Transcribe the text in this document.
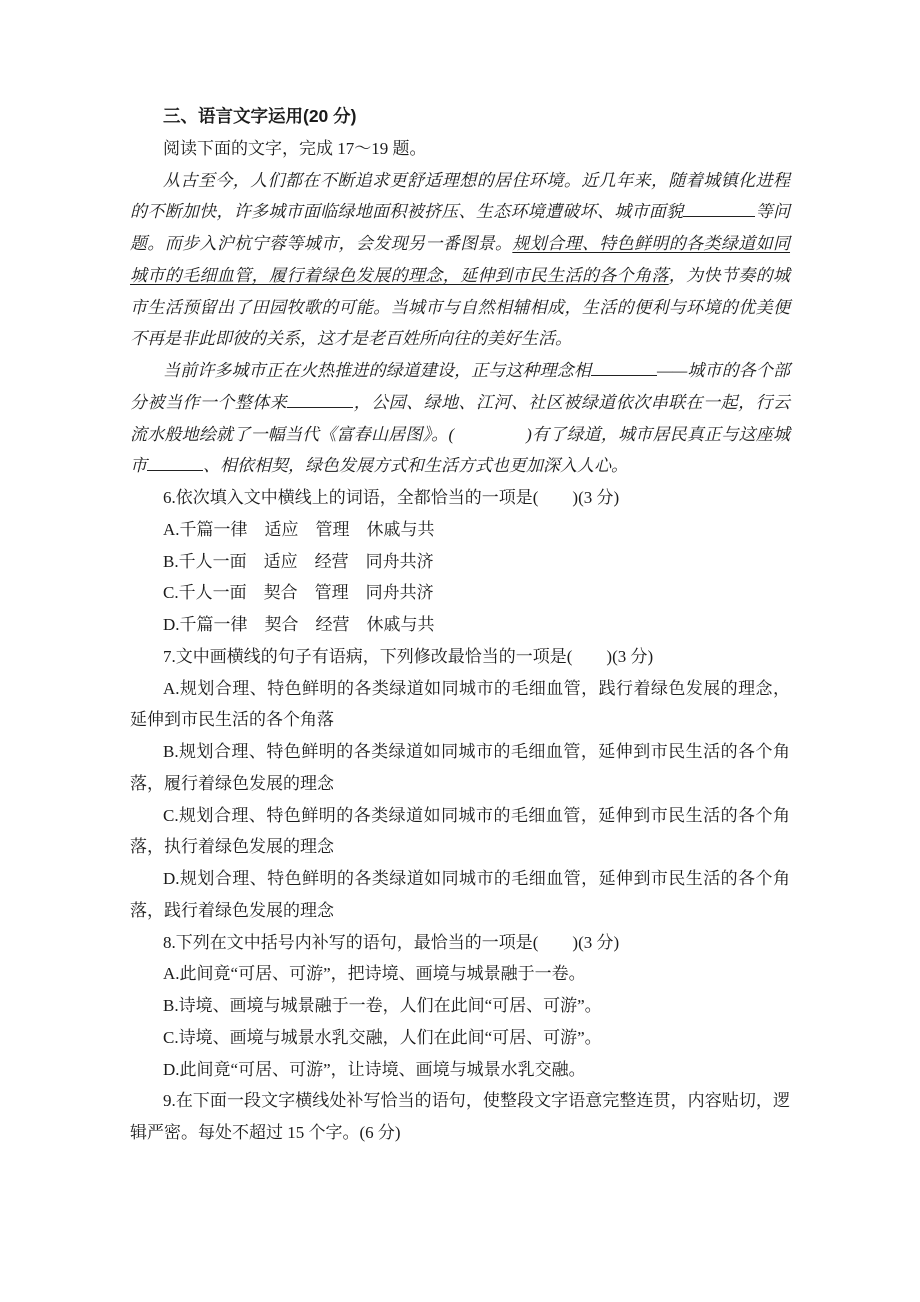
三、语言文字运用(20 分)

阅读下面的文字，完成 17～19 题。

从古至今，人们都在不断追求更舒适理想的居住环境。近几年来，随着城镇化进程的不断加快，许多城市面临绿地面积被挤压、生态环境遭破坏、城市面貌	等问题。而步入沪杭宁蓉等城市，会发现另一番图景。规划合理、特色鲜明的各类绿道如同城市的毛细血管，履行着绿色发展的理念，延伸到市民生活的各个角落，为快节奏的城市生活预留出了田园牧歌的可能。当城市与自然相辅相成，生活的便利与环境的优美便不再是非此即彼的关系，这才是老百姓所向往的美好生活。

当前许多城市正在火热推进的绿道建设，正与这种理念相	——城市的各个部分被当作一个整体来	，公园、绿地、江河、社区被绿道依次串联在一起，行云流水般地绘就了一幅当代《富春山居图》。(	)有了绿道，城市居民真正与这座城市	、相依相契，绿色发展方式和生活方式也更加深入人心。

6.依次填入文中横线上的词语，全都恰当的一项是(　　)(3 分)

A.千篇一律　适应　管理　休戚与共

B.千人一面　适应　经营　同舟共济

C.千人一面　契合　管理　同舟共济

D.千篇一律　契合　经营　休戚与共

7.文中画横线的句子有语病，下列修改最恰当的一项是(　　)(3 分)

A.规划合理、特色鲜明的各类绿道如同城市的毛细血管，践行着绿色发展的理念，延伸到市民生活的各个角落

B.规划合理、特色鲜明的各类绿道如同城市的毛细血管，延伸到市民生活的各个角落，履行着绿色发展的理念

C.规划合理、特色鲜明的各类绿道如同城市的毛细血管，延伸到市民生活的各个角落，执行着绿色发展的理念

D.规划合理、特色鲜明的各类绿道如同城市的毛细血管，延伸到市民生活的各个角落，践行着绿色发展的理念

8.下列在文中括号内补写的语句，最恰当的一项是(　　)(3 分)

A.此间竟“可居、可游”，把诗境、画境与城景融于一卷。

B.诗境、画境与城景融于一卷，人们在此间“可居、可游”。

C.诗境、画境与城景水乳交融，人们在此间“可居、可游”。

D.此间竟“可居、可游”，让诗境、画境与城景水乳交融。

9.在下面一段文字横线处补写恰当的语句，使整段文字语意完整连贯，内容贴切，逻辑严密。每处不超过 15 个字。(6 分)
